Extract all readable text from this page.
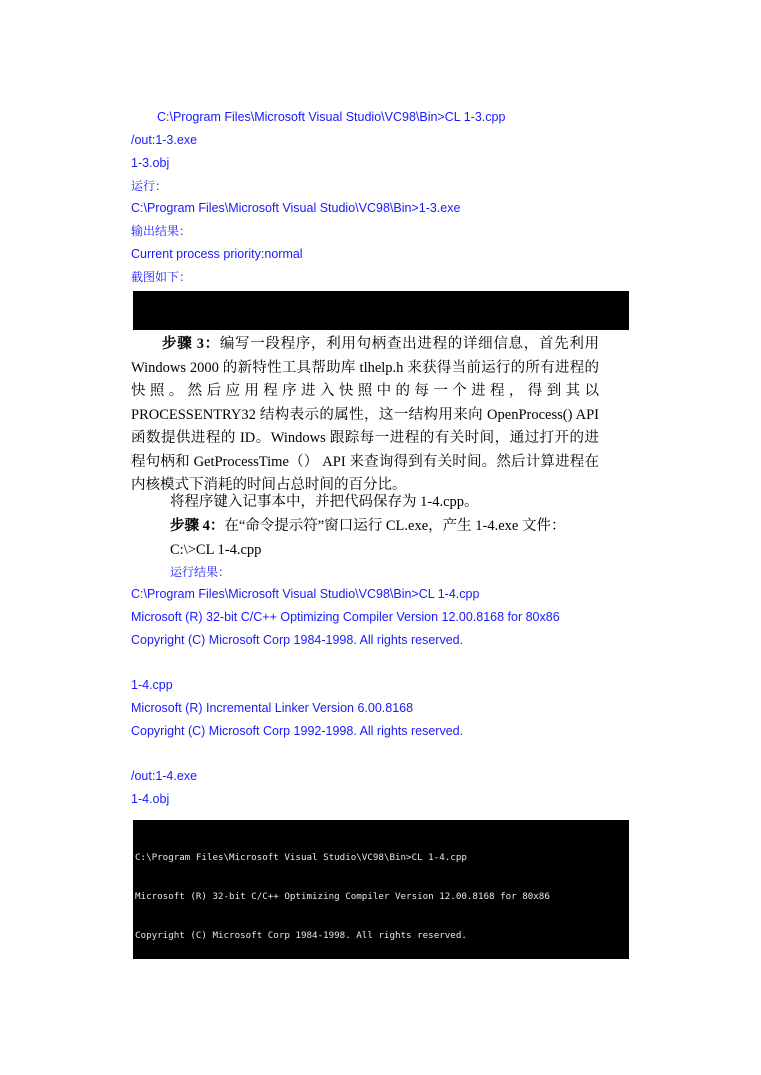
C:\Program Files\Microsoft Visual Studio\VC98\Bin>CL 1-3.cpp
/out:1-3.exe
1-3.obj
运行：
C:\Program Files\Microsoft Visual Studio\VC98\Bin>1-3.exe
输出结果：
Current process priority:normal
截图如下：

步骤 3：编写一段程序，利用句柄查出进程的详细信息，首先利用 Windows 2000 的新特性工具帮助库 tlhelp.h 来获得当前运行的所有进程的快照。然后应用程序进入快照中的每一个进程，得到其以 PROCESSENTRY32 结构表示的属性，这一结构用来向 OpenProcess() API 函数提供进程的 ID。Windows 跟踪每一进程的有关时间，通过打开的进程句柄和 GetProcessTime（） API 来查询得到有关时间。然后计算进程在内核模式下消耗的时间占总时间的百分比。
将程序键入记事本中，并把代码保存为 1-4.cpp。
步骤 4：在“命令提示符”窗口运行 CL.exe，产生 1-4.exe 文件：
C:\>CL 1-4.cpp
运行结果：
C:\Program Files\Microsoft Visual Studio\VC98\Bin>CL 1-4.cpp
Microsoft (R) 32-bit C/C++ Optimizing Compiler Version 12.00.8168 for 80x86
Copyright (C) Microsoft Corp 1984-1998. All rights reserved.
1-4.cpp
Microsoft (R) Incremental Linker Version 6.00.8168
Copyright (C) Microsoft Corp 1992-1998. All rights reserved.
/out:1-4.exe
1-4.obj

C:\Program Files\Microsoft Visual Studio\VC98\Bin>CL 1-4.cpp

Microsoft (R) 32-bit C/C++ Optimizing Compiler Version 12.00.8168 for 80x86

Copyright (C) Microsoft Corp 1984-1998. All rights reserved.
